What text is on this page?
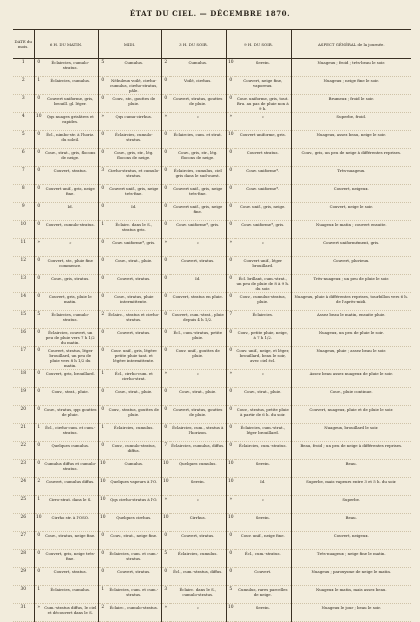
ÉTAT DU CIEL. — DÉCEMBRE 1870.
DATE du mois.	6 H. DU MATIN.		MIDI.		3 H. DU SOIR.		9 H. DU SOIR.		ASPECT GÉNÉRAL de la journée.
1	0	Éclaircies, cumulo-stratus.	5	Cumulus.	2	Cumulus.	10	Serein.	Nuageux ; froid ; très-beau le soir.
2	1	Éclaircies, cumulus.	0	Nébuleux voilé, cirrhu-cumulus, cirrho-stratus, pâle.	0	Voilé, cirrhus.	0	Couvert, neige fine, vaporeux.	Nuageux ; neige fine le soir.
3	0	Couvert uniforme, gris, brouill. gl. léger.	0	Couv., str., gouttes de pluie.	0	Couvert, stratus, gouttes de pluie.	0	Couv. uniforme, gris, tout. Bru. au pas de pluie non à 9 h.	Brumeux ; froid le soir.
4	10	Qqs nuages grisâtres et rapides.	»	Qqs cumu-cirrhus.	»	»	»	»	Superbe, froid.
5	0	Écl., nimbo-str. à l'horiz. du soleil.	0	Éclaircies, cumulo-stratus.	0	Éclaircies, cum. et strat.	10	Couvert uniforme, gris.	Nuageux, assez beau, neige le soir.
6	0	Couv., strat., gris, flocons de neige.	0	Couv., gris, str., lég. flocons de neige.	0	Couv., gris, str., lég. flocons de neige.	0	Couvert stratus.	Couv., gris, un peu de neige à différentes reprises.
7	0	Couvert, stratus.	3	Cirrho-stratus, et cumulo-stratus.	0	Éclaircies, cumulus, ciel gris dans le sud-ouest.	0	Couv. uniforme*.	Très-nuageux.
8	0	Couvert unif., gris, neige fine.	0	Couvert unif., gris, neige très-fine.	0	Couvert unif., gris, neige très-fine.	0	Couv. uniforme*.	Couvert, neigeux.
9	0	Id.	0	Id.	0	Couvert unif., gris, neige fine.	0	Couv. unif., gris, neige.	Couvert, neige le soir.
10	0	Couvert, cumulo-stratus.	1	Éclairc. dans le S., stratus gris.	0	Couv. uniforme*, gris.	0	Couv. uniforme*, gris.	Nuageux le matin ; couvert ensuite.
11	»	»	0	Couv. uniforme*, gris.	»	»	»	»	Couvert uniformément, gris.
12	0	Couvert, str., pluie fine commence.	0	Couv., strat., pluie.	0	Couvert, stratus.	0	Couvert unif., léger brouillard.	Couvert, pluvieux.
13	0	Couv., gris, stratus.	0	Couvert, stratus.	0	Id.	0	Écl. brillant, cum.-strat., un peu de pluie de 8 à 9 h. du soir.	Très-nuageux ; un peu de pluie le soir.
14	0	Couvert, gris, pluie le matin.	0	Couv., stratus, pluie intermittente.	0	Couvert, stratus en pluie.	0	Couv., cumulus-stratus, pluie.	Nuageux, pluie à différentes reprises, tourbillon vers 6 h. de l'après-midi.
15	5	Éclaircies, cumulo-stratus.	2	Éclairc., stratus et cirrho-stratus.	0	Couvert, cum.-strat., pluie depuis 4 h 1/2.	7	Éclaircies.	Assez beau le matin, ensuite pluie.
16	0	Éclaircies, couvert, un peu de pluie vers 7 h 1/2 du matin.	0	Couvert, stratus.	0	Écl., cum.-stratus, petite pluie.	0	Couv., petite pluie, neige, à 7 h 1/2.	Nuageux, un peu de pluie le soir.
17	0	Couvert, stratus, léger brouillard, un peu de pluie vers 8 h 1/2 du matin.	0	Couv. unif., gris, légère petite pluie tant. et légère intermittente.	0	Couv. unif., gouttes de pluie.	0	Couv. unif., neige, et léger, brouillard, beau le soir, avec ciel écl.	Nuageux, pluie ; assez beau le soir.
18	0	Couvert, gris, brouillard.	1	Écl., cirrho-cum. et cirrho-strat.	»	»	»	»	Assez beau assez nuageux de pluie le soir.
19	0	Couv., strat., pluie.	0	Couv., strat., pluie.	0	Couv., strat., pluie.	0	Couv., strat., pluie.	Couv., pluie continue.
20	0	Couv., stratus, qqs gouttes de pluie.	0	Couv., stratus, gouttes de pluie.	0	Couvert, stratus, gouttes de pluie.	0	Couv., stratus, petite pluie à partir de 6 h. du soir.	Couvert, nuageux, pluie et de pluie le soir.
21	1	Écl., cirrho-cum. et cum.-stratus.	1	Éclaircies, cumulus.	0	Éclaircies, cum., stratus à l'horizon.	0	Éclaircies, cum.-strat., léger brouillard.	Nuageux, brouillard le soir.
22	0	Quelques cumulus.	0	Couv., cumulo-stratus, diffus.	7	Éclaircies, cumulus, diffus.	0	Éclaircies, cum.-stratus.	Beau, froid ; un peu de neige à différentes reprises.
23	0	Cumulus diffus et cumulo-stratus.	10	Cumulus.	10	Quelques cumulus.	10	Serein.	Beau.
24	2	Couvert, cumulus diffus.	10	Quelques vapeurs à l'O.	10	Serein.	10	Id.	Superbe, mais vapeurs entre 3 et 5 h. du soir.
25	1	Cirro-strat. dans le S.	10	Qqs cirrho-stratus à l'O.	»	»	»	»	Superbe.
26	10	Cirrho str. à l'OSO.	10	Quelques cirrhus.	10	Cirrhus.	10	Serein.	Beau.
27	0	Couv., stratus, neige fine.	0	Couv., strat., neige fine.	0	Couvert, stratus.	0	Couv. unif., neige fine.	Couvert, neigeux.
28	0	Couvert, gris, neige très-fine.	0	Éclaircies, cum. et cum.-stratus.	5	Éclaircies, cumulus.	0	Écl., cum.-stratus.	Très-nuageux ; neige fine le matin.
29	0	Couvert, stratus.	0	Couvert, stratus.	0	Écl., cum.-stratus, diffus.	0	Couvert.	Nuageux ; paroxysme de neige le matin.
30	1	Éclaircies, cumulus.	1	Éclaircies, cum. et cum.-stratus.	3	Éclairc. dans le S., cumulo-stratus.	5	Cumulus, rares parcelles de neige.	Nuageux le matin, mais assez beau.
31	»	Cum.-stratus diffus, le ciel et découvert dans le S.	2	Éclairc., cumulo-stratus.	»	»	10	Serein.	Nuageux le jour ; beau le soir.
